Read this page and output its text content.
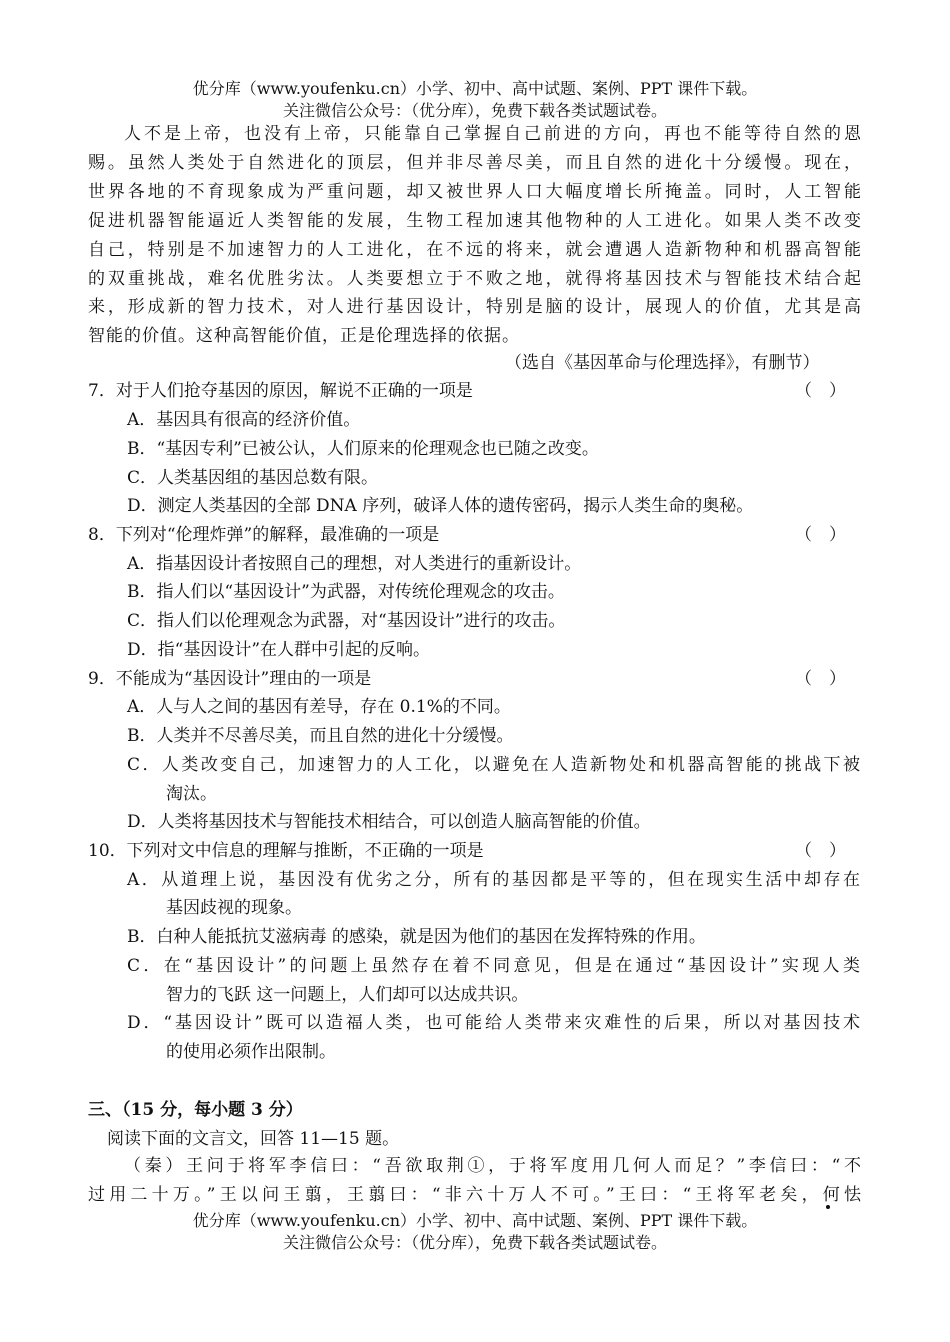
优分库（www.youfenku.cn）小学、初中、高中试题、案例、PPT 课件下载。
关注微信公众号：（优分库），免费下载各类试题试卷。
人不是上帝，也没有上帝，只能靠自己掌握自己前进的方向，再也不能等待自然的恩
赐。虽然人类处于自然进化的顶层，但并非尽善尽美，而且自然的进化十分缓慢。现在，
世界各地的不育现象成为严重问题，却又被世界人口大幅度增长所掩盖。同时，人工智能
促进机器智能逼近人类智能的发展，生物工程加速其他物种的人工进化。如果人类不改变
自己，特别是不加速智力的人工进化，在不远的将来，就会遭遇人造新物种和机器高智能
的双重挑战，难名优胜劣汰。人类要想立于不败之地，就得将基因技术与智能技术结合起
来，形成新的智力技术，对人进行基因设计，特别是脑的设计，展现人的价值，尤其是高
智能的价值。这种高智能价值，正是伦理选择的依据。
（选自《基因革命与伦理选择》，有删节）
7．对于人们抢夺基因的原因，解说不正确的一项是	（　）
A．基因具有很高的经济价值。
B．“基因专利”已被公认，人们原来的伦理观念也已随之改变。
C．人类基因组的基因总数有限。
D．测定人类基因的全部 DNA 序列，破译人体的遗传密码，揭示人类生命的奥秘。
8．下列对“伦理炸弹”的解释，最准确的一项是	（　）
A．指基因设计者按照自己的理想，对人类进行的重新设计。
B．指人们以“基因设计”为武器，对传统伦理观念的攻击。
C．指人们以伦理观念为武器，对“基因设计”进行的攻击。
D．指“基因设计”在人群中引起的反响。
9．不能成为“基因设计”理由的一项是	（　）
A．人与人之间的基因有差导，存在 0.1%的不同。
B．人类并不尽善尽美，而且自然的进化十分缓慢。
C．人类改变自己，加速智力的人工化，以避免在人造新物处和机器高智能的挑战下被
淘汰。
D．人类将基因技术与智能技术相结合，可以创造人脑高智能的价值。
10．下列对文中信息的理解与推断，不正确的一项是	（　）
A．从道理上说，基因没有优劣之分，所有的基因都是平等的，但在现实生活中却存在
基因歧视的现象。
B．白种人能抵抗艾滋病毒 的感染，就是因为他们的基因在发挥特殊的作用。
C．在“基因设计”的问题上虽然存在着不同意见，但是在通过“基因设计”实现人类
智力的飞跃 这一问题上，人们却可以达成共识。
D．“基因设计”既可以造福人类，也可能给人类带来灾难性的后果，所以对基因技术
的使用必须作出限制。
三、（15 分，每小题 3 分）
阅读下面的文言文，回答 11—15 题。
（秦）王问于将军李信曰：“吾欲取荆①，于将军度用几何人而足？”李信曰：“不
过用二十万。”王以问王翦，王翦曰：“非六十万人不可。”王曰：“王将军老矣，何怯
优分库（www.youfenku.cn）小学、初中、高中试题、案例、PPT 课件下载。
关注微信公众号：（优分库），免费下载各类试题试卷。
